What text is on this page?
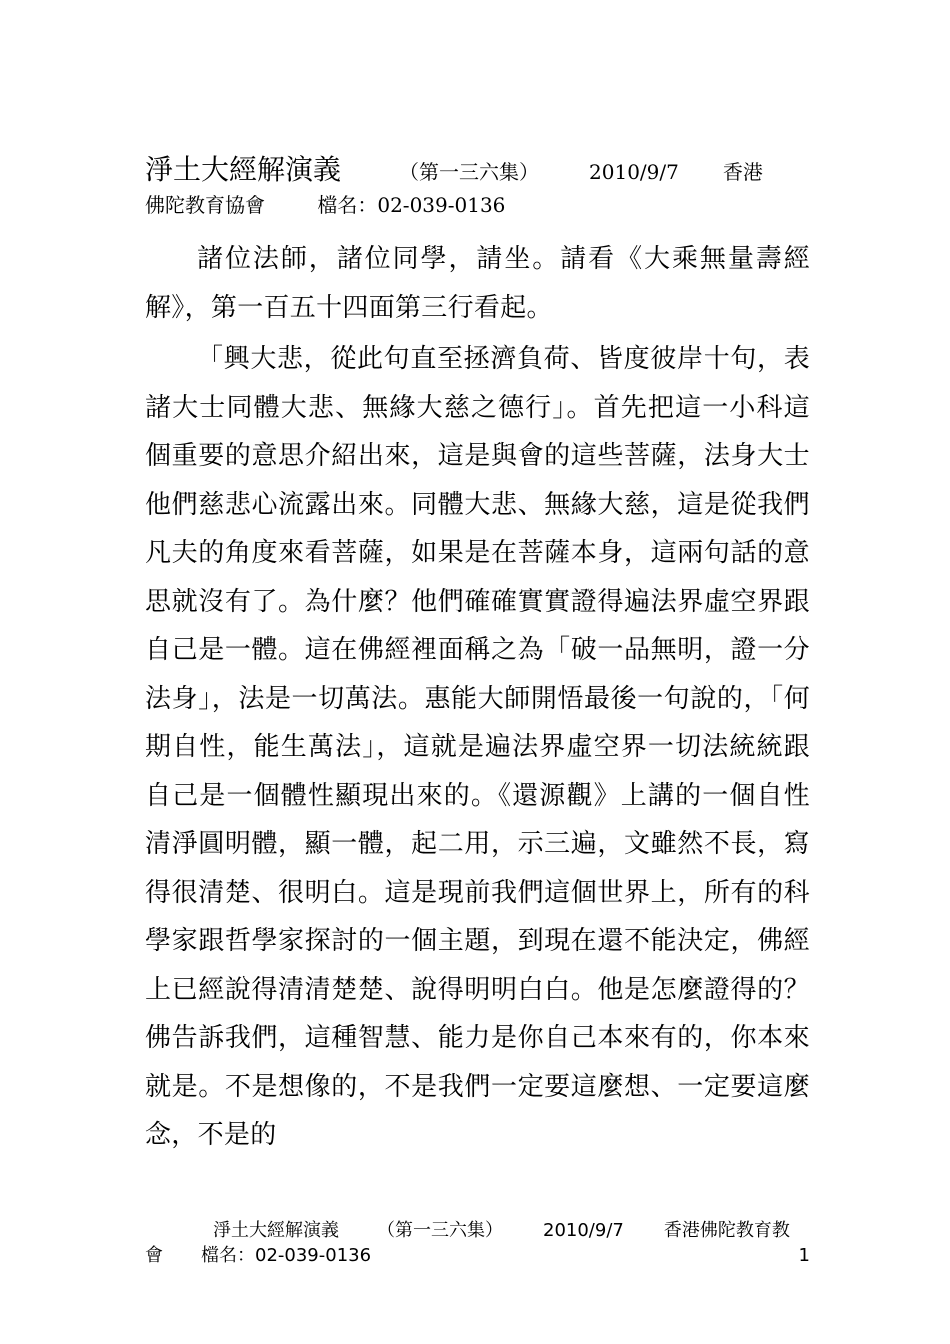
淨土大經解演義	（第一三六集）	2010/9/7 香港
佛陀教育協會	檔名：02-039-0136

諸位法師，諸位同學，請坐。請看《大乘無量壽經解》，第一百五十四面第三行看起。

「興大悲，從此句直至拯濟負荷、皆度彼岸十句，表諸大士同體大悲、無緣大慈之德行」。首先把這一小科這個重要的意思介紹出來，這是與會的這些菩薩，法身大士他們慈悲心流露出來。同體大悲、無緣大慈，這是從我們凡夫的角度來看菩薩，如果是在菩薩本身，這兩句話的意思就沒有了。為什麼？他們確確實實證得遍法界虛空界跟自己是一體。這在佛經裡面稱之為「破一品無明，證一分法身」，法是一切萬法。惠能大師開悟最後一句說的，「何期自性，能生萬法」，這就是遍法界虛空界一切法統統跟自己是一個體性顯現出來的。《還源觀》上講的一個自性清淨圓明體，顯一體，起二用，示三遍，文雖然不長，寫得很清楚、很明白。這是現前我們這個世界上，所有的科學家跟哲學家探討的一個主題，到現在還不能決定，佛經上已經說得清清楚楚、說得明明白白。他是怎麼證得的？佛告訴我們，這種智慧、能力是你自己本來有的，你本來就是。不是想像的，不是我們一定要這麼想、一定要這麼念，不是的

淨土大經解演義 （第一三六集） 2010/9/7 香港佛陀教育教
會 檔名：02-039-0136	1
